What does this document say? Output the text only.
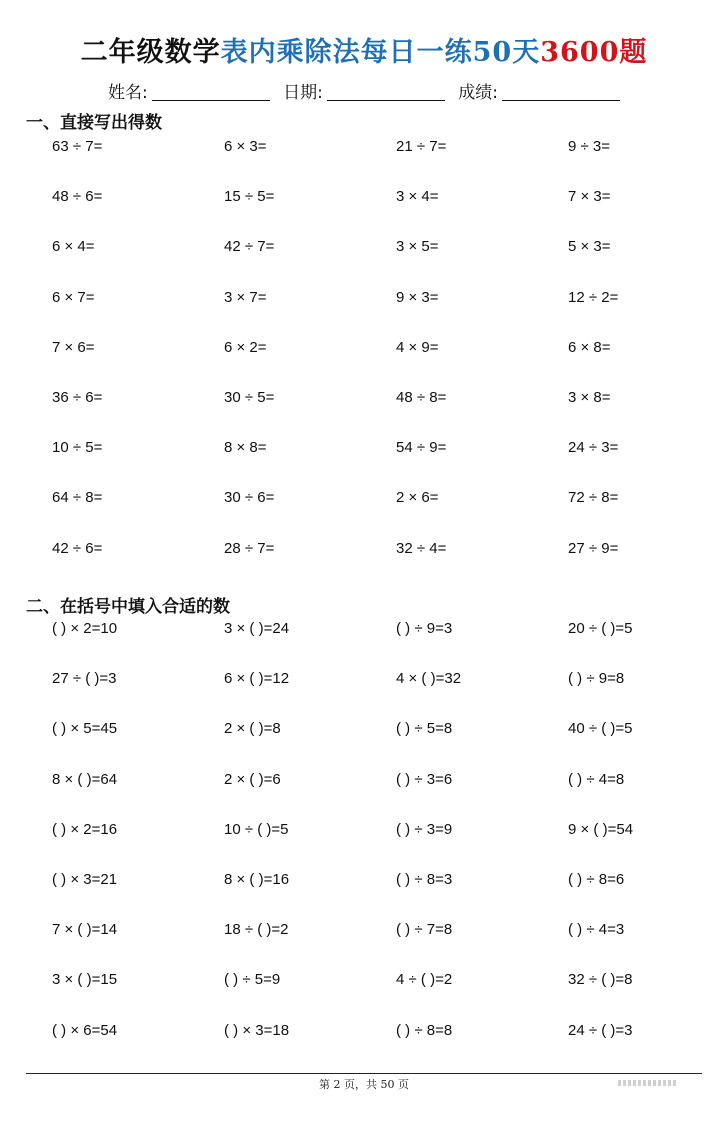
二年级数学表内乘除法每日一练50天3600题
姓名:	日期:	成绩:
一、直接写出得数
63 ÷ 7=	6 × 3=	21 ÷ 7=	9 ÷ 3=
48 ÷ 6=	15 ÷ 5=	3 × 4=	7 × 3=
6 × 4=	42 ÷ 7=	3 × 5=	5 × 3=
6 × 7=	3 × 7=	9 × 3=	12 ÷ 2=
7 × 6=	6 × 2=	4 × 9=	6 × 8=
36 ÷ 6=	30 ÷ 5=	48 ÷ 8=	3 × 8=
10 ÷ 5=	8 × 8=	54 ÷ 9=	24 ÷ 3=
64 ÷ 8=	30 ÷ 6=	2 × 6=	72 ÷ 8=
42 ÷ 6=	28 ÷ 7=	32 ÷ 4=	27 ÷ 9=
二、在括号中填入合适的数
( ) × 2=10	3 × ( )=24	( ) ÷ 9=3	20 ÷ ( )=5
27 ÷ ( )=3	6 × ( )=12	4 × ( )=32	( ) ÷ 9=8
( ) × 5=45	2 × ( )=8	( ) ÷ 5=8	40 ÷ ( )=5
8 × ( )=64	2 × ( )=6	( ) ÷ 3=6	( ) ÷ 4=8
( ) × 2=16	10 ÷ ( )=5	( ) ÷ 3=9	9 × ( )=54
( ) × 3=21	8 × ( )=16	( ) ÷ 8=3	( ) ÷ 8=6
7 × ( )=14	18 ÷ ( )=2	( ) ÷ 7=8	( ) ÷ 4=3
3 × ( )=15	( ) ÷ 5=9	4 ÷ ( )=2	32 ÷ ( )=8
( ) × 6=54	( ) × 3=18	( ) ÷ 8=8	24 ÷ ( )=3
第 2 页，共 50 页
